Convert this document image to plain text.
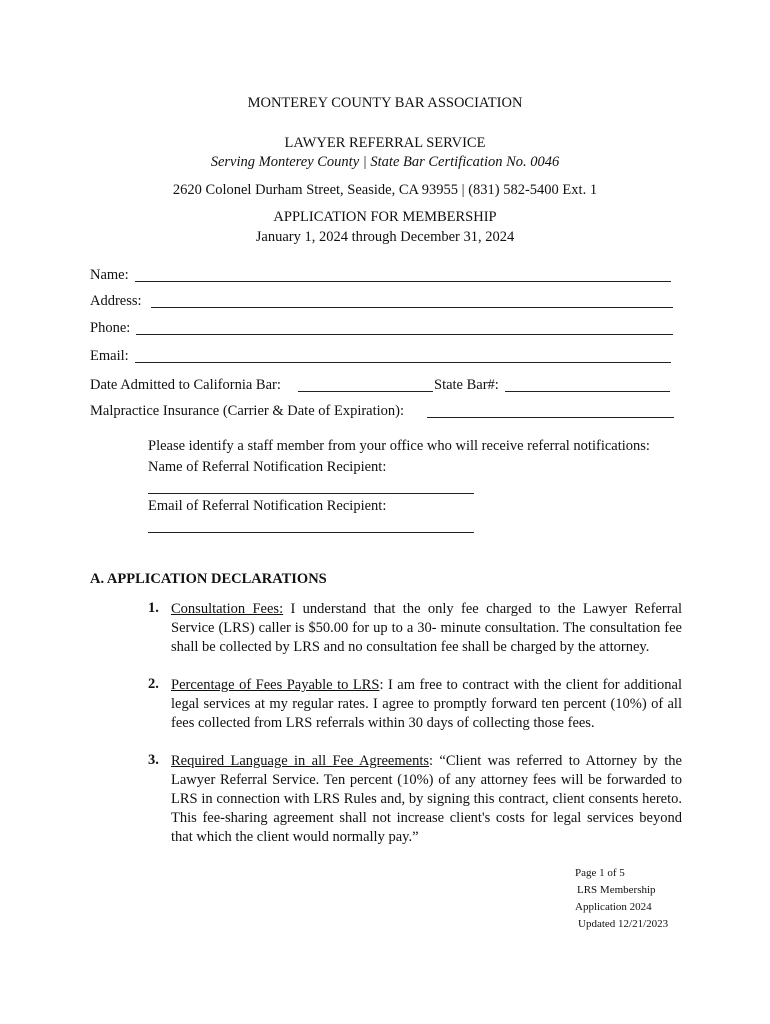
MONTEREY COUNTY BAR ASSOCIATION
LAWYER REFERRAL SERVICE
Serving Monterey County | State Bar Certification No. 0046
2620 Colonel Durham Street, Seaside, CA 93955 | (831) 582-5400 Ext. 1
APPLICATION FOR MEMBERSHIP
January 1, 2024 through December 31, 2024
Name:
Address:
Phone:
Email:
Date Admitted to California Bar:	State Bar#:
Malpractice Insurance (Carrier & Date of Expiration):
Please identify a staff member from your office who will receive referral notifications:
Name of Referral Notification Recipient:
Email of Referral Notification Recipient:
A. APPLICATION DECLARATIONS
1. Consultation Fees: I understand that the only fee charged to the Lawyer Referral Service (LRS) caller is $50.00 for up to a 30- minute consultation. The consultation fee shall be collected by LRS and no consultation fee shall be charged by the attorney.
2. Percentage of Fees Payable to LRS: I am free to contract with the client for additional legal services at my regular rates. I agree to promptly forward ten percent (10%) of all fees collected from LRS referrals within 30 days of collecting those fees.
3. Required Language in all Fee Agreements: “Client was referred to Attorney by the Lawyer Referral Service. Ten percent (10%) of any attorney fees will be forwarded to LRS in connection with LRS Rules and, by signing this contract, client consents hereto. This fee-sharing agreement shall not increase client's costs for legal services beyond that which the client would normally pay.”
Page 1 of 5
LRS Membership
Application 2024
Updated 12/21/2023
